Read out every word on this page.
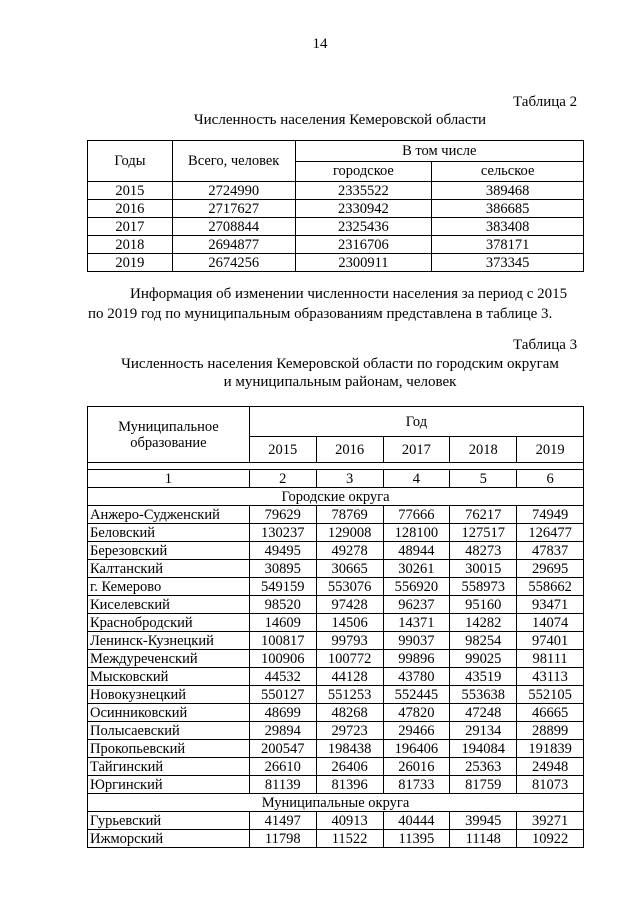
14
Таблица 2
Численность населения Кемеровской области
Годы	Всего, человек	В том числе	
		городское	сельское
2015	2724990	2335522	389468
2016	2717627	2330942	386685
2017	2708844	2325436	383408
2018	2694877	2316706	378171
2019	2674256	2300911	373345
Информация об изменении численности населения за период с 2015
по 2019 год по муниципальным образованиям представлена в таблице 3.
Таблица 3
Численность населения Кемеровской области по городским округам
и муниципальным районам, человек
Муниципальное образование	Год				
	2015	2016	2017	2018	2019

1	2	3	4	5	6
Городские округа					
Анжеро-Судженский	79629	78769	77666	76217	74949
Беловский	130237	129008	128100	127517	126477
Березовский	49495	49278	48944	48273	47837
Калтанский	30895	30665	30261	30015	29695
г. Кемерово	549159	553076	556920	558973	558662
Киселевский	98520	97428	96237	95160	93471
Краснобродский	14609	14506	14371	14282	14074
Ленинск-Кузнецкий	100817	99793	99037	98254	97401
Междуреченский	100906	100772	99896	99025	98111
Мысковский	44532	44128	43780	43519	43113
Новокузнецкий	550127	551253	552445	553638	552105
Осинниковский	48699	48268	47820	47248	46665
Полысаевский	29894	29723	29466	29134	28899
Прокопьевский	200547	198438	196406	194084	191839
Тайгинский	26610	26406	26016	25363	24948
Юргинский	81139	81396	81733	81759	81073
Муниципальные округа					
Гурьевский	41497	40913	40444	39945	39271
Ижморский	11798	11522	11395	11148	10922
